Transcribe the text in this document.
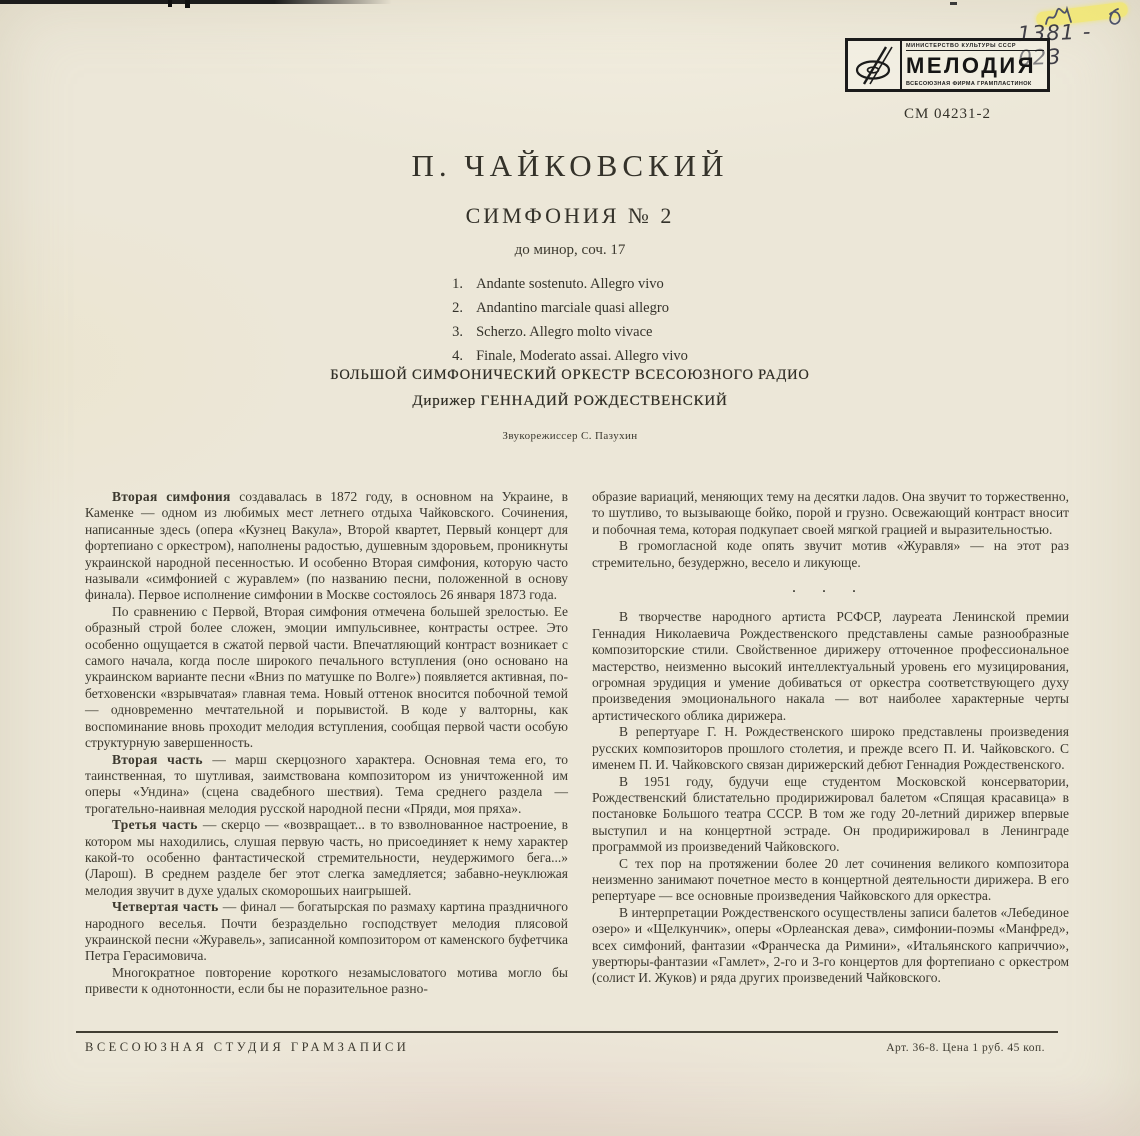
1381 - 023
МИНИСТЕРСТВО КУЛЬТУРЫ СССР
МЕЛОДИЯ
ВСЕСОЮЗНАЯ ФИРМА ГРАМПЛАСТИНОК
СМ 04231-2
П. ЧАЙКОВСКИЙ
СИМФОНИЯ № 2
до минор, соч. 17
1. Andante sostenuto. Allegro vivo
2. Andantino marciale quasi allegro
3. Scherzo. Allegro molto vivace
4. Finale, Moderato assai. Allegro vivo
БОЛЬШОЙ СИМФОНИЧЕСКИЙ ОРКЕСТР ВСЕСОЮЗНОГО РАДИО
Дирижер ГЕННАДИЙ РОЖДЕСТВЕНСКИЙ
Звукорежиссер С. Пазухин

Вторая симфония создавалась в 1872 году, в основном на Украине, в Каменке — одном из любимых мест летнего отдыха Чайковского. Сочинения, написанные здесь (опера «Кузнец Вакула», Второй квартет, Первый концерт для фортепиано с оркестром), наполнены радостью, душевным здоровьем, проникнуты украинской народной песенностью. И особенно Вторая симфония, которую часто называли «симфонией с журавлем» (по названию песни, положенной в основу финала). Первое исполнение симфонии в Москве состоялось 26 января 1873 года.

По сравнению с Первой, Вторая симфония отмечена большей зрелостью. Ее образный строй более сложен, эмоции импульсивнее, контрасты острее. Это особенно ощущается в сжатой первой части. Впечатляющий контраст возникает с самого начала, когда после широкого печального вступления (оно основано на украинском варианте песни «Вниз по матушке по Волге») появляется активная, по-бетховенски «взрывчатая» главная тема. Новый оттенок вносится побочной темой — одновременно мечтательной и порывистой. В коде у валторны, как воспоминание вновь проходит мелодия вступления, сообщая первой части особую структурную завершенность.

Вторая часть — марш скерцозного характера. Основная тема его, то таинственная, то шутливая, заимствована композитором из уничтоженной им оперы «Ундина» (сцена свадебного шествия). Тема среднего раздела — трогательно-наивная мелодия русской народной песни «Пряди, моя пряха».

Третья часть — скерцо — «возвращает... в то взволнованное настроение, в котором мы находились, слушая первую часть, но присоединяет к нему характер какой-то особенно фантастической стремительности, неудержимого бега...» (Ларош). В среднем разделе бег этот слегка замедляется; забавно-неуклюжая мелодия звучит в духе удалых скоморошьих наигрышей.

Четвертая часть — финал — богатырская по размаху картина праздничного народного веселья. Почти безраздельно господствует мелодия плясовой украинской песни «Журавель», записанной композитором от каменского буфетчика Петра Герасимовича.

Многократное повторение короткого незамысловатого мотива могло бы привести к однотонности, если бы не поразительное разно-

образие вариаций, меняющих тему на десятки ладов. Она звучит то торжественно, то шутливо, то вызывающе бойко, порой и грузно. Освежающий контраст вносит и побочная тема, которая подкупает своей мягкой грацией и выразительностью.

В громогласной коде опять звучит мотив «Журавля» — на этот раз стремительно, безудержно, весело и ликующе.

···

В творчестве народного артиста РСФСР, лауреата Ленинской премии Геннадия Николаевича Рождественского представлены самые разнообразные композиторские стили. Свойственное дирижеру отточенное профессиональное мастерство, неизменно высокий интеллектуальный уровень его музицирования, огромная эрудиция и умение добиваться от оркестра соответствующего духу произведения эмоционального накала — вот наиболее характерные черты артистического облика дирижера.

В репертуаре Г. Н. Рождественского широко представлены произведения русских композиторов прошлого столетия, и прежде всего П. И. Чайковского. С именем П. И. Чайковского связан дирижерский дебют Геннадия Рождественского.

В 1951 году, будучи еще студентом Московской консерватории, Рождественский блистательно продирижировал балетом «Спящая красавица» в постановке Большого театра СССР. В том же году 20-летний дирижер впервые выступил и на концертной эстраде. Он продирижировал в Ленинграде программой из произведений Чайковского.

С тех пор на протяжении более 20 лет сочинения великого композитора неизменно занимают почетное место в концертной деятельности дирижера. В его репертуаре — все основные произведения Чайковского для оркестра.

В интерпретации Рождественского осуществлены записи балетов «Лебединое озеро» и «Щелкунчик», оперы «Орлеанская дева», симфонии-поэмы «Манфред», всех симфоний, фантазии «Франческа да Римини», «Итальянского каприччио», увертюры-фантазии «Гамлет», 2-го и 3-го концертов для фортепиано с оркестром (солист И. Жуков) и ряда других произведений Чайковского.

ВСЕСОЮЗНАЯ СТУДИЯ ГРАМЗАПИСИ	Арт. 36-8. Цена 1 руб. 45 коп.
